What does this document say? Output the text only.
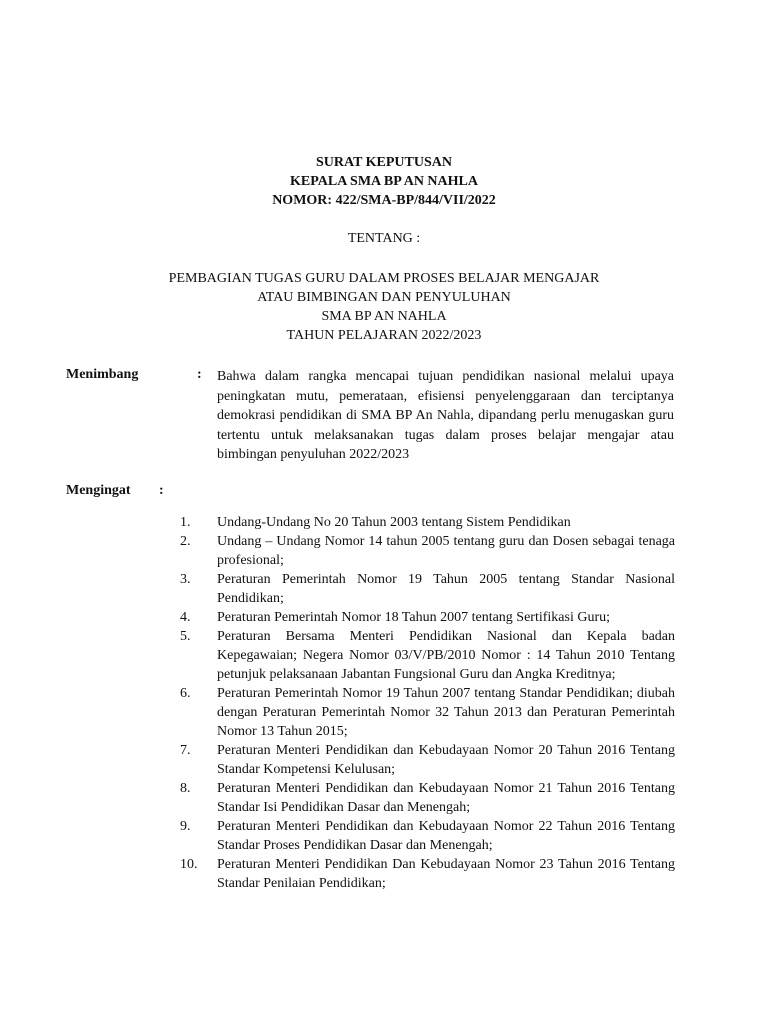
SURAT KEPUTUSAN
KEPALA SMA BP AN NAHLA
NOMOR: 422/SMA-BP/844/VII/2022
TENTANG :
PEMBAGIAN TUGAS GURU DALAM PROSES BELAJAR MENGAJAR
ATAU BIMBINGAN DAN PENYULUHAN
SMA BP AN NAHLA
TAHUN PELAJARAN 2022/2023
Menimbang	: Bahwa dalam rangka mencapai tujuan pendidikan nasional melalui upaya peningkatan mutu, pemerataan, efisiensi penyelenggaraan dan terciptanya demokrasi pendidikan di SMA BP An Nahla, dipandang perlu menugaskan guru tertentu untuk melaksanakan tugas dalam proses belajar mengajar atau bimbingan penyuluhan 2022/2023
Mengingat :
1.	Undang-Undang No 20 Tahun 2003 tentang Sistem Pendidikan
2.	Undang – Undang Nomor 14 tahun 2005 tentang guru dan Dosen sebagai tenaga profesional;
3.	Peraturan Pemerintah Nomor 19 Tahun 2005 tentang Standar Nasional Pendidikan;
4.	Peraturan Pemerintah Nomor 18 Tahun 2007 tentang Sertifikasi Guru;
5.	Peraturan Bersama Menteri Pendidikan Nasional dan Kepala badan Kepegawaian; Negera Nomor 03/V/PB/2010 Nomor : 14 Tahun 2010 Tentang petunjuk pelaksanaan Jabantan Fungsional Guru dan Angka Kreditnya;
6.	Peraturan Pemerintah Nomor 19 Tahun 2007 tentang Standar Pendidikan; diubah dengan Peraturan Pemerintah Nomor 32 Tahun 2013 dan Peraturan Pemerintah Nomor 13 Tahun 2015;
7.	Peraturan Menteri Pendidikan dan Kebudayaan Nomor 20 Tahun 2016 Tentang Standar Kompetensi Kelulusan;
8.	Peraturan Menteri Pendidikan dan Kebudayaan Nomor 21 Tahun 2016 Tentang Standar Isi Pendidikan Dasar dan Menengah;
9.	Peraturan Menteri Pendidikan dan Kebudayaan Nomor 22 Tahun 2016 Tentang Standar Proses Pendidikan Dasar dan Menengah;
10.	Peraturan Menteri Pendidikan Dan Kebudayaan Nomor 23 Tahun 2016 Tentang Standar Penilaian Pendidikan;
